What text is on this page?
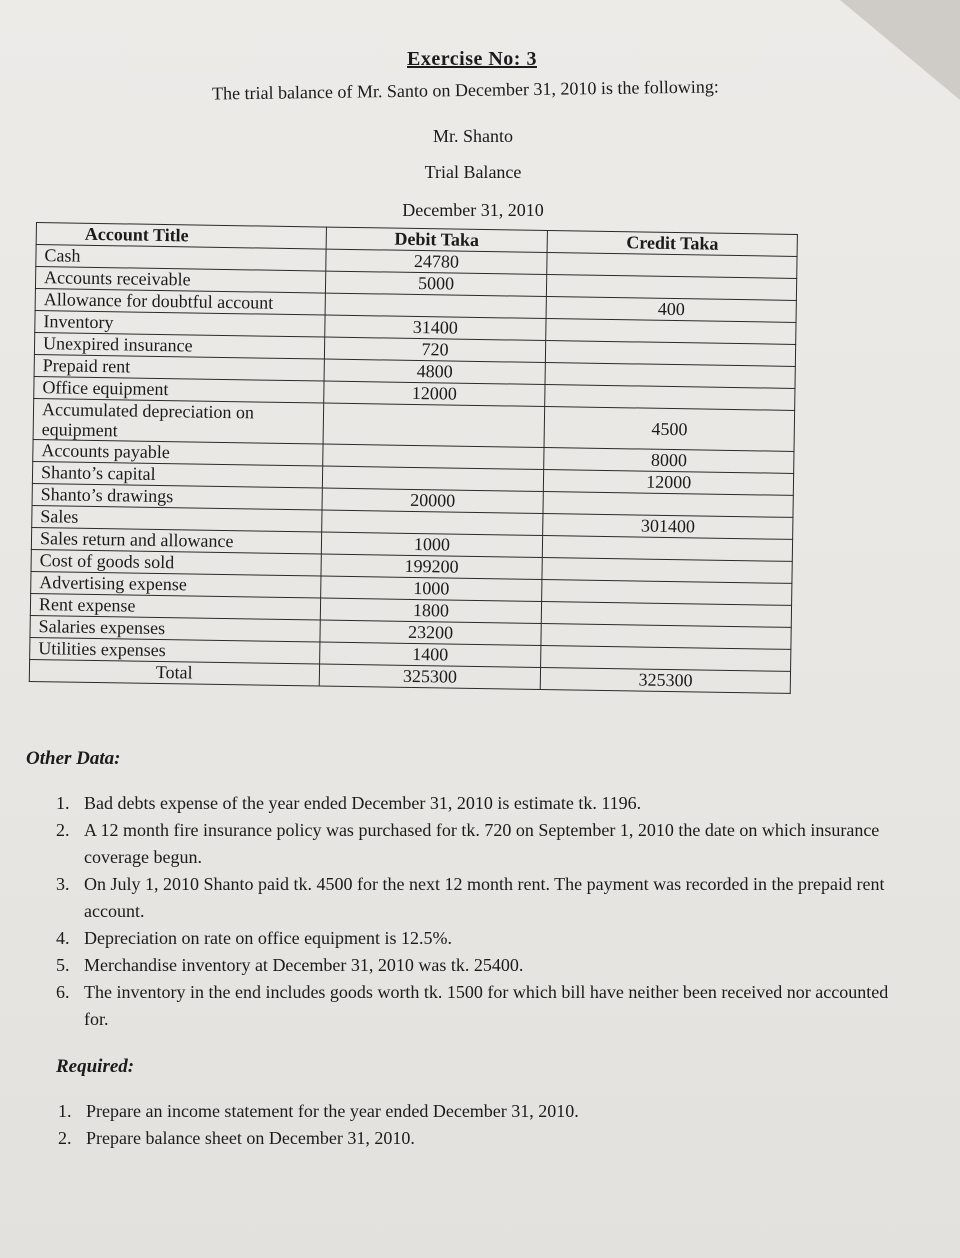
Exercise No: 3
The trial balance of Mr. Santo on December 31, 2010 is the following:
Mr. Shanto
Trial Balance
December 31, 2010
Account Title	Debit Taka	Credit Taka
Cash	24780	
Accounts receivable	5000	
Allowance for doubtful account		400
Inventory	31400	
Unexpired insurance	720	
Prepaid rent	4800	
Office equipment	12000	
Accumulated depreciation on equipment		4500
Accounts payable		8000
Shanto’s capital		12000
Shanto’s drawings	20000	
Sales		301400
Sales return and allowance	1000	
Cost of goods sold	199200	
Advertising expense	1000	
Rent expense	1800	
Salaries expenses	23200	
Utilities expenses	1400	
Total	325300	325300
Other Data:
1. Bad debts expense of the year ended December 31, 2010 is estimate tk. 1196.
2. A 12 month fire insurance policy was purchased for tk. 720 on September 1, 2010 the date on which insurance coverage begun.
3. On July 1, 2010 Shanto paid tk. 4500 for the next 12 month rent. The payment was recorded in the prepaid rent account.
4. Depreciation on rate on office equipment is 12.5%.
5. Merchandise inventory at December 31, 2010 was tk. 25400.
6. The inventory in the end includes goods worth tk. 1500 for which bill have neither been received nor accounted for.
Required:
1. Prepare an income statement for the year ended December 31, 2010.
2. Prepare balance sheet on December 31, 2010.
